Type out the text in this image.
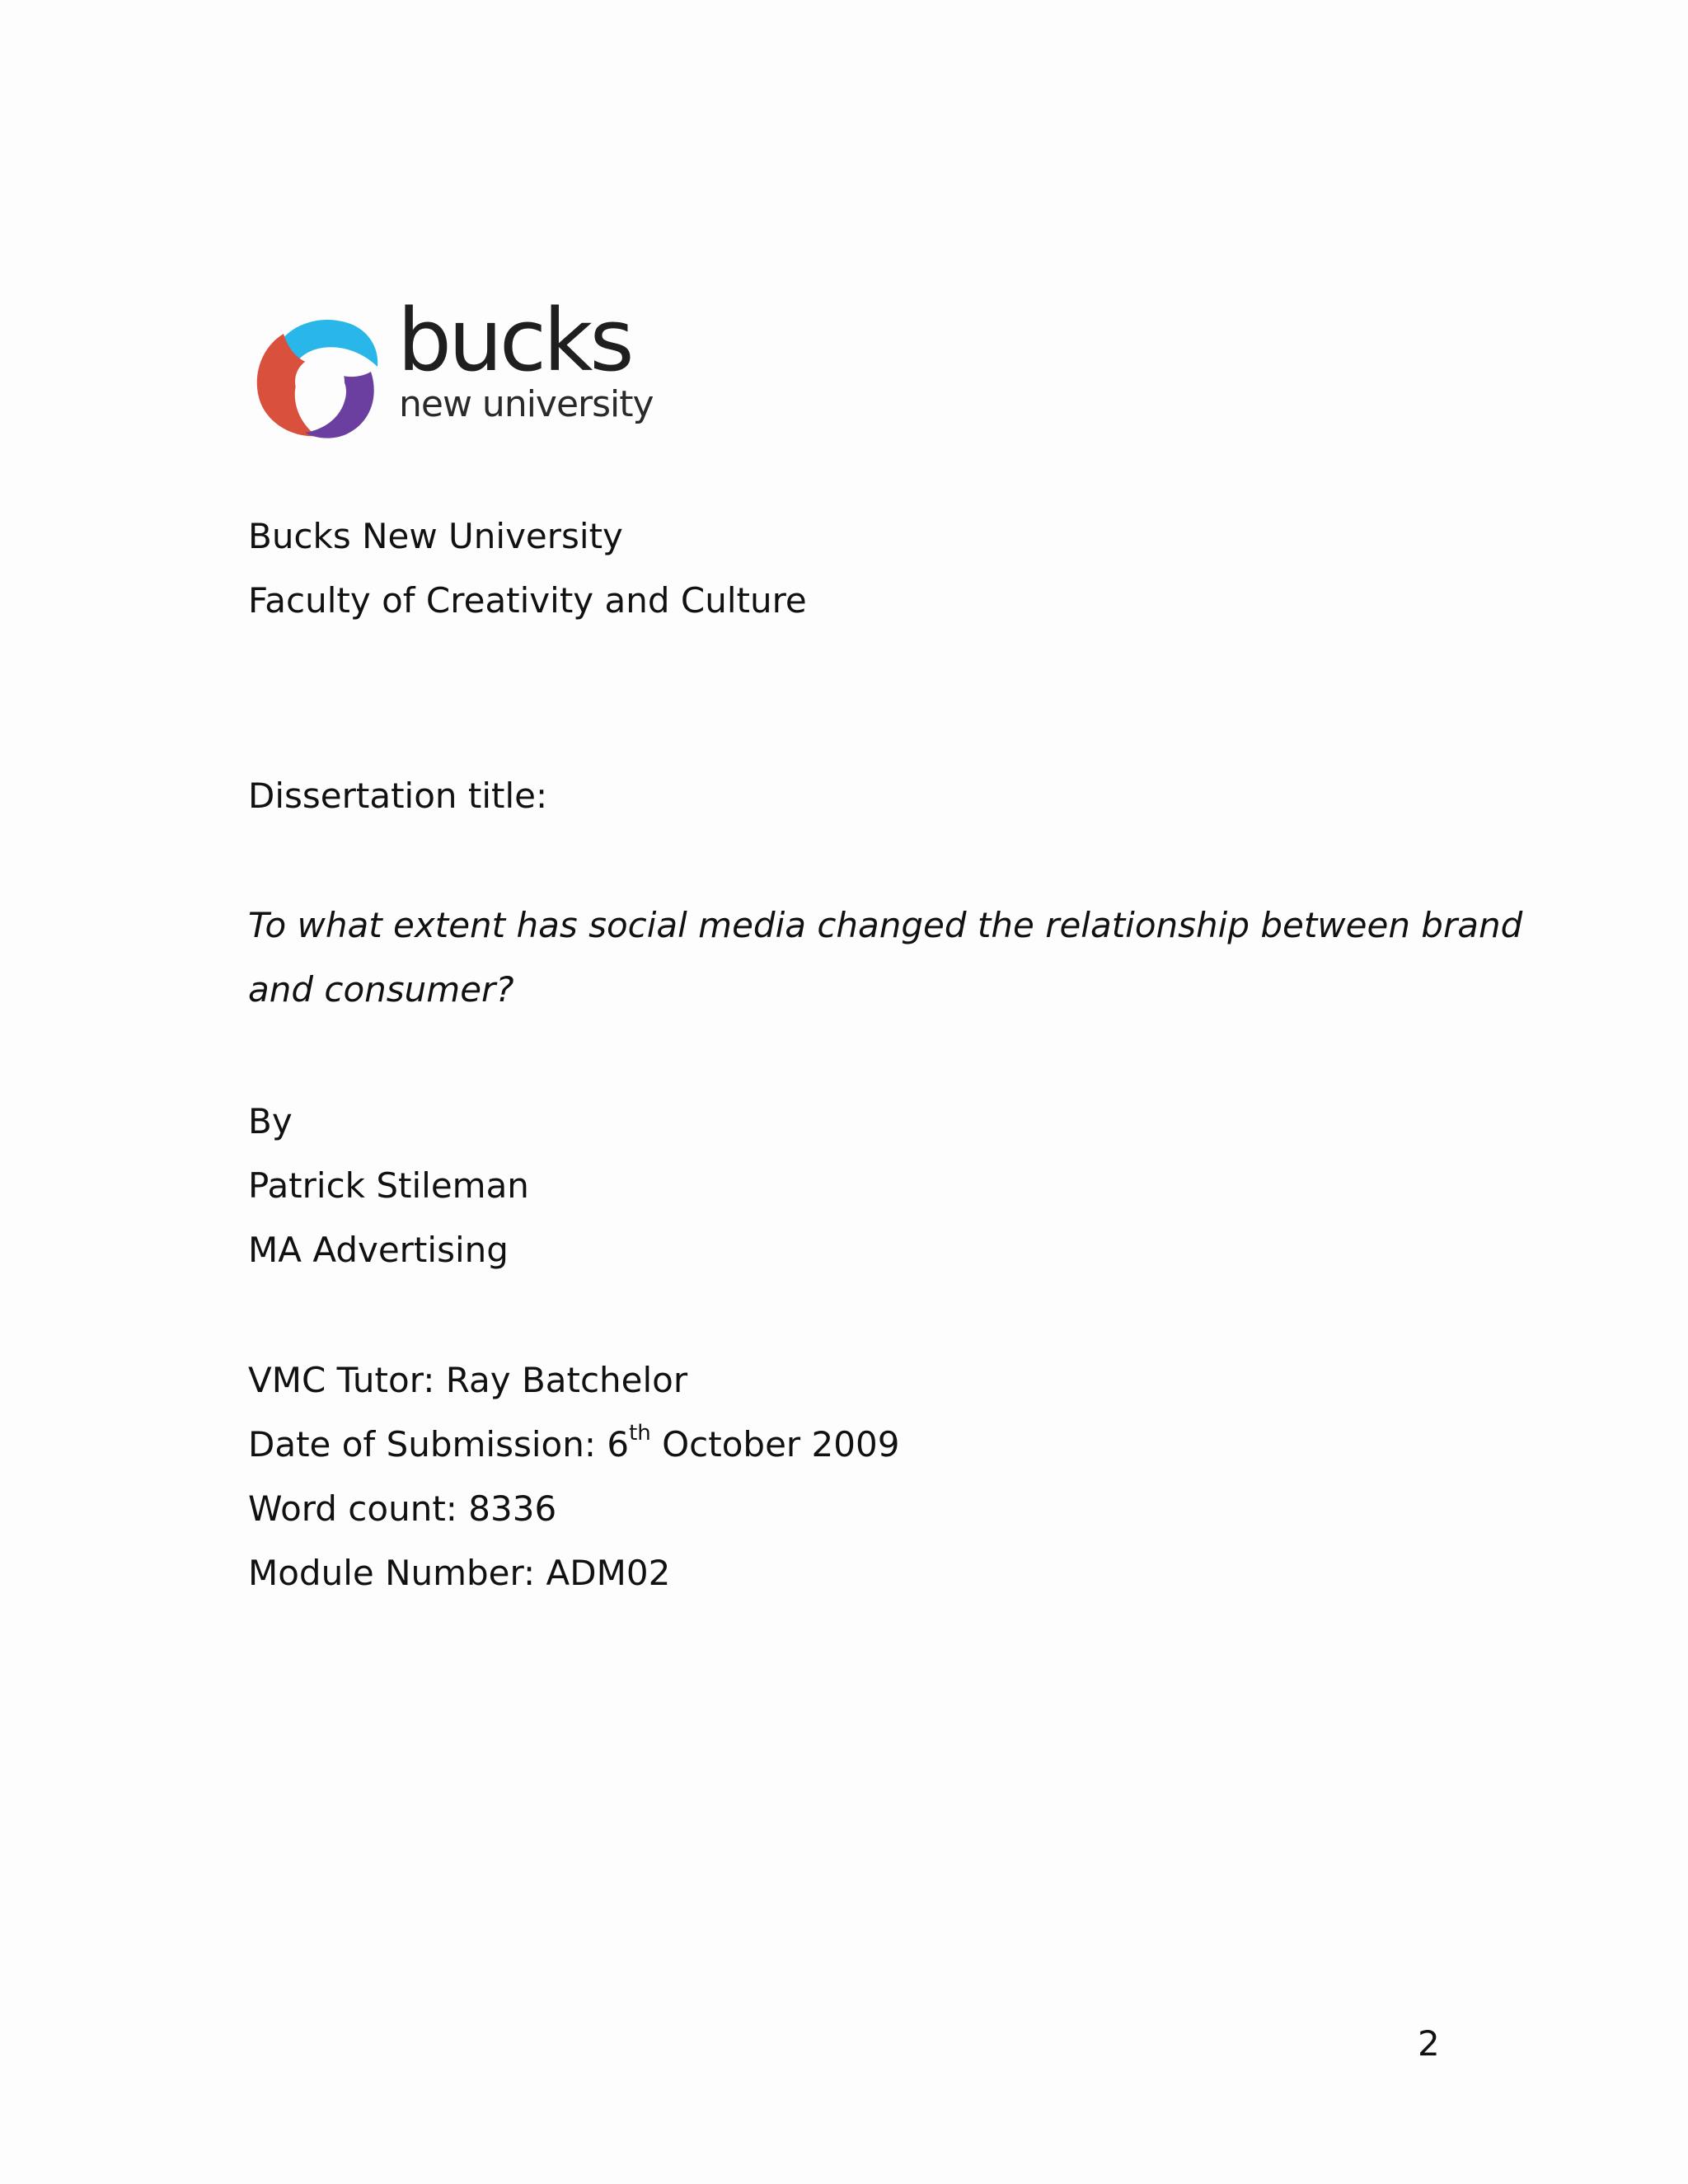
bucks
new university
Bucks New University
Faculty of Creativity and Culture
Dissertation title:
To what extent has social media changed the relationship between brand
and consumer?
By
Patrick Stileman
MA Advertising
VMC Tutor: Ray Batchelor
Date of Submission: 6th October 2009
Word count: 8336
Module Number: ADM02
2
